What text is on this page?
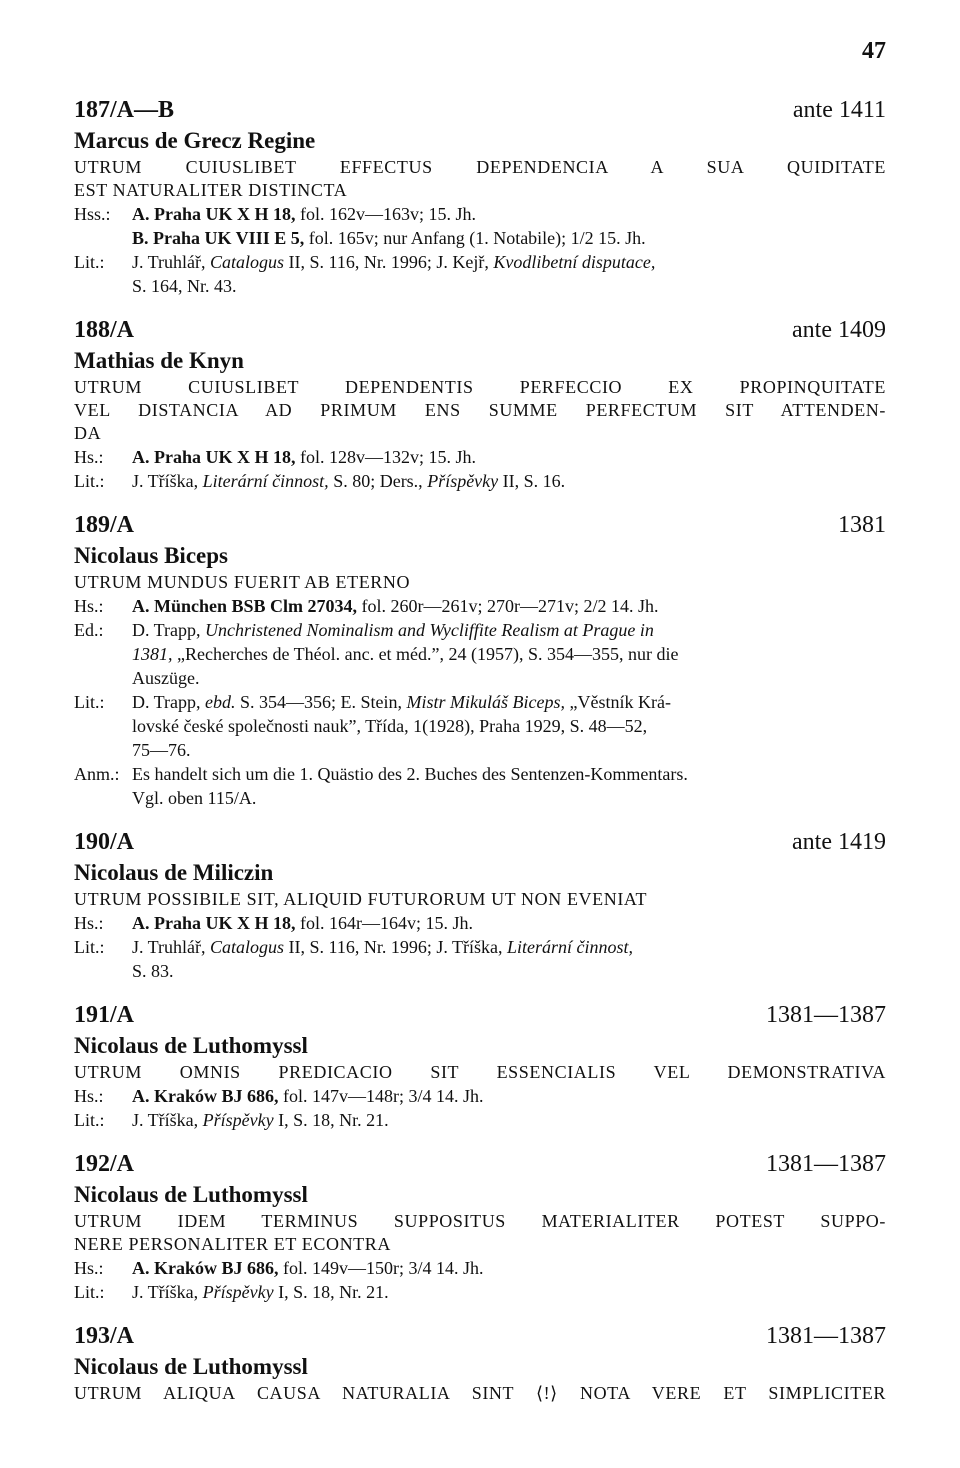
47
187/A—B	ante 1411
Marcus de Grecz Regine
UTRUM CUIUSLIBET EFFECTUS DEPENDENCIA A SUA QUIDITATE
EST NATURALITER DISTINCTA
Hss.:	A. Praha UK X H 18, fol. 162v—163v; 15. Jh.
B. Praha UK VIII E 5, fol. 165v; nur Anfang (1. Notabile); 1/2 15. Jh.
Lit.:	J. Truhlář, Catalogus II, S. 116, Nr. 1996; J. Kejř, Kvodlibetní disputace,
S. 164, Nr. 43.
188/A	ante 1409
Mathias de Knyn
UTRUM CUIUSLIBET DEPENDENTIS PERFECCIO EX PROPINQUITATE
VEL DISTANCIA AD PRIMUM ENS SUMME PERFECTUM SIT ATTENDEN-
DA
Hs.:	A. Praha UK X H 18, fol. 128v—132v; 15. Jh.
Lit.:	J. Tříška, Literární činnost, S. 80; Ders., Příspěvky II, S. 16.
189/A	1381
Nicolaus Biceps
UTRUM MUNDUS FUERIT AB ETERNO
Hs.:	A. München BSB Clm 27034, fol. 260r—261v; 270r—271v; 2/2 14. Jh.
Ed.:	D. Trapp, Unchristened Nominalism and Wycliffite Realism at Prague in
1381, „Recherches de Théol. anc. et méd.”, 24 (1957), S. 354—355, nur die
Auszüge.
Lit.:	D. Trapp, ebd. S. 354—356; E. Stein, Mistr Mikuláš Biceps, „Věstník Krá-
lovské české společnosti nauk”, Třída, 1(1928), Praha 1929, S. 48—52,
75—76.
Anm.: Es handelt sich um die 1. Quästio des 2. Buches des Sentenzen-Kommentars.
Vgl. oben 115/A.
190/A	ante 1419
Nicolaus de Miliczin
UTRUM POSSIBILE SIT, ALIQUID FUTURORUM UT NON EVENIAT
Hs.:	A. Praha UK X H 18, fol. 164r—164v; 15. Jh.
Lit.:	J. Truhlář, Catalogus II, S. 116, Nr. 1996; J. Tříška, Literární činnost,
S. 83.
191/A	1381—1387
Nicolaus de Luthomyssl
UTRUM OMNIS PREDICACIO SIT ESSENCIALIS VEL DEMONSTRATIVA
Hs.:	A. Kraków BJ 686, fol. 147v—148r; 3/4 14. Jh.
Lit.:	J. Tříška, Příspěvky I, S. 18, Nr. 21.
192/A	1381—1387
Nicolaus de Luthomyssl
UTRUM IDEM TERMINUS SUPPOSITUS MATERIALITER POTEST SUPPO-
NERE PERSONALITER ET ECONTRA
Hs.:	A. Kraków BJ 686, fol. 149v—150r; 3/4 14. Jh.
Lit.:	J. Tříška, Příspěvky I, S. 18, Nr. 21.
193/A	1381—1387
Nicolaus de Luthomyssl
UTRUM ALIQUA CAUSA NATURALIA SINT ⟨!⟩ NOTA VERE ET SIMPLICITER
